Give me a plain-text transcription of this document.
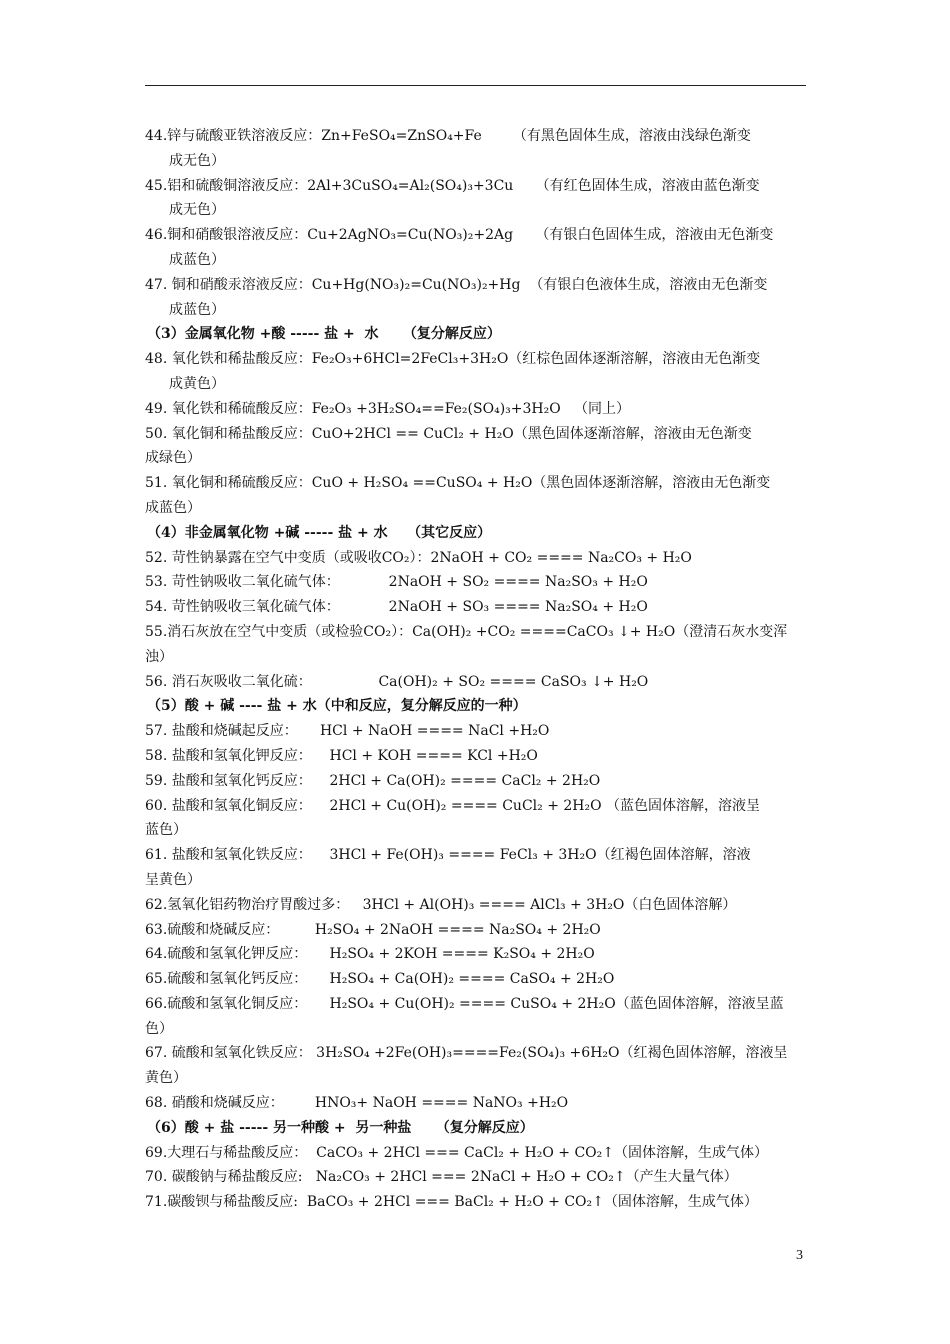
44.锌与硫酸亚铁溶液反应：Zn+FeSO₄=ZnSO₄+Fe       （有黑色固体生成，溶液由浅绿色渐变
成无色）
45.铝和硫酸铜溶液反应：2Al+3CuSO₄=Al₂(SO₄)₃+3Cu     （有红色固体生成，溶液由蓝色渐变
成无色）
46.铜和硝酸银溶液反应：Cu+2AgNO₃=Cu(NO₃)₂+2Ag     （有银白色固体生成，溶液由无色渐变
成蓝色）
47. 铜和硝酸汞溶液反应：Cu+Hg(NO₃)₂=Cu(NO₃)₂+Hg  （有银白色液体生成，溶液由无色渐变
成蓝色）
（3）金属氧化物 +酸 ----- 盐 +  水     （复分解反应）
48. 氧化铁和稀盐酸反应：Fe₂O₃+6HCl=2FeCl₃+3H₂O（红棕色固体逐渐溶解，溶液由无色渐变
成黄色）
49. 氧化铁和稀硫酸反应：Fe₂O₃ +3H₂SO₄==Fe₂(SO₄)₃+3H₂O   （同上）
50. 氧化铜和稀盐酸反应：CuO+2HCl == CuCl₂ + H₂O（黑色固体逐渐溶解，溶液由无色渐变
成绿色）
51. 氧化铜和稀硫酸反应：CuO + H₂SO₄ ==CuSO₄ + H₂O（黑色固体逐渐溶解，溶液由无色渐变
成蓝色）
（4）非金属氧化物 +碱 ----- 盐 + 水    （其它反应）
52. 苛性钠暴露在空气中变质（或吸收CO₂）：2NaOH + CO₂ ==== Na₂CO₃ + H₂O
53. 苛性钠吸收二氧化硫气体：           2NaOH + SO₂ ==== Na₂SO₃ + H₂O
54. 苛性钠吸收三氧化硫气体：           2NaOH + SO₃ ==== Na₂SO₄ + H₂O
55.消石灰放在空气中变质（或检验CO₂）：Ca(OH)₂ +CO₂ ====CaCO₃ ↓+ H₂O（澄清石灰水变浑
浊）
56. 消石灰吸收二氧化硫：               Ca(OH)₂ + SO₂ ==== CaSO₃ ↓+ H₂O
（5）酸 + 碱 ---- 盐 + 水（中和反应，复分解反应的一种）
57. 盐酸和烧碱起反应：     HCl + NaOH ==== NaCl +H₂O
58. 盐酸和氢氧化钾反应：    HCl + KOH ==== KCl +H₂O
59. 盐酸和氢氧化钙反应：    2HCl + Ca(OH)₂ ==== CaCl₂ + 2H₂O
60. 盐酸和氢氧化铜反应：    2HCl + Cu(OH)₂ ==== CuCl₂ + 2H₂O （蓝色固体溶解，溶液呈
蓝色）
61. 盐酸和氢氧化铁反应：    3HCl + Fe(OH)₃ ==== FeCl₃ + 3H₂O（红褐色固体溶解，溶液
呈黄色）
62.氢氧化铝药物治疗胃酸过多：   3HCl + Al(OH)₃ ==== AlCl₃ + 3H₂O（白色固体溶解）
63.硫酸和烧碱反应：        H₂SO₄ + 2NaOH ==== Na₂SO₄ + 2H₂O
64.硫酸和氢氧化钾反应：     H₂SO₄ + 2KOH ==== K₂SO₄ + 2H₂O
65.硫酸和氢氧化钙反应：     H₂SO₄ + Ca(OH)₂ ==== CaSO₄ + 2H₂O
66.硫酸和氢氧化铜反应：     H₂SO₄ + Cu(OH)₂ ==== CuSO₄ + 2H₂O（蓝色固体溶解，溶液呈蓝
色）
67. 硫酸和氢氧化铁反应： 3H₂SO₄ +2Fe(OH)₃====Fe₂(SO₄)₃ +6H₂O（红褐色固体溶解，溶液呈
黄色）
68. 硝酸和烧碱反应：       HNO₃+ NaOH ==== NaNO₃ +H₂O
（6）酸 + 盐 ----- 另一种酸 +  另一种盐     （复分解反应）
69.大理石与稀盐酸反应：  CaCO₃ + 2HCl === CaCl₂ + H₂O + CO₂↑（固体溶解，生成气体）
70. 碳酸钠与稀盐酸反应:   Na₂CO₃ + 2HCl === 2NaCl + H₂O + CO₂↑（产生大量气体）
71.碳酸钡与稀盐酸反应:  BaCO₃ + 2HCl === BaCl₂ + H₂O + CO₂↑（固体溶解，生成气体）
3
